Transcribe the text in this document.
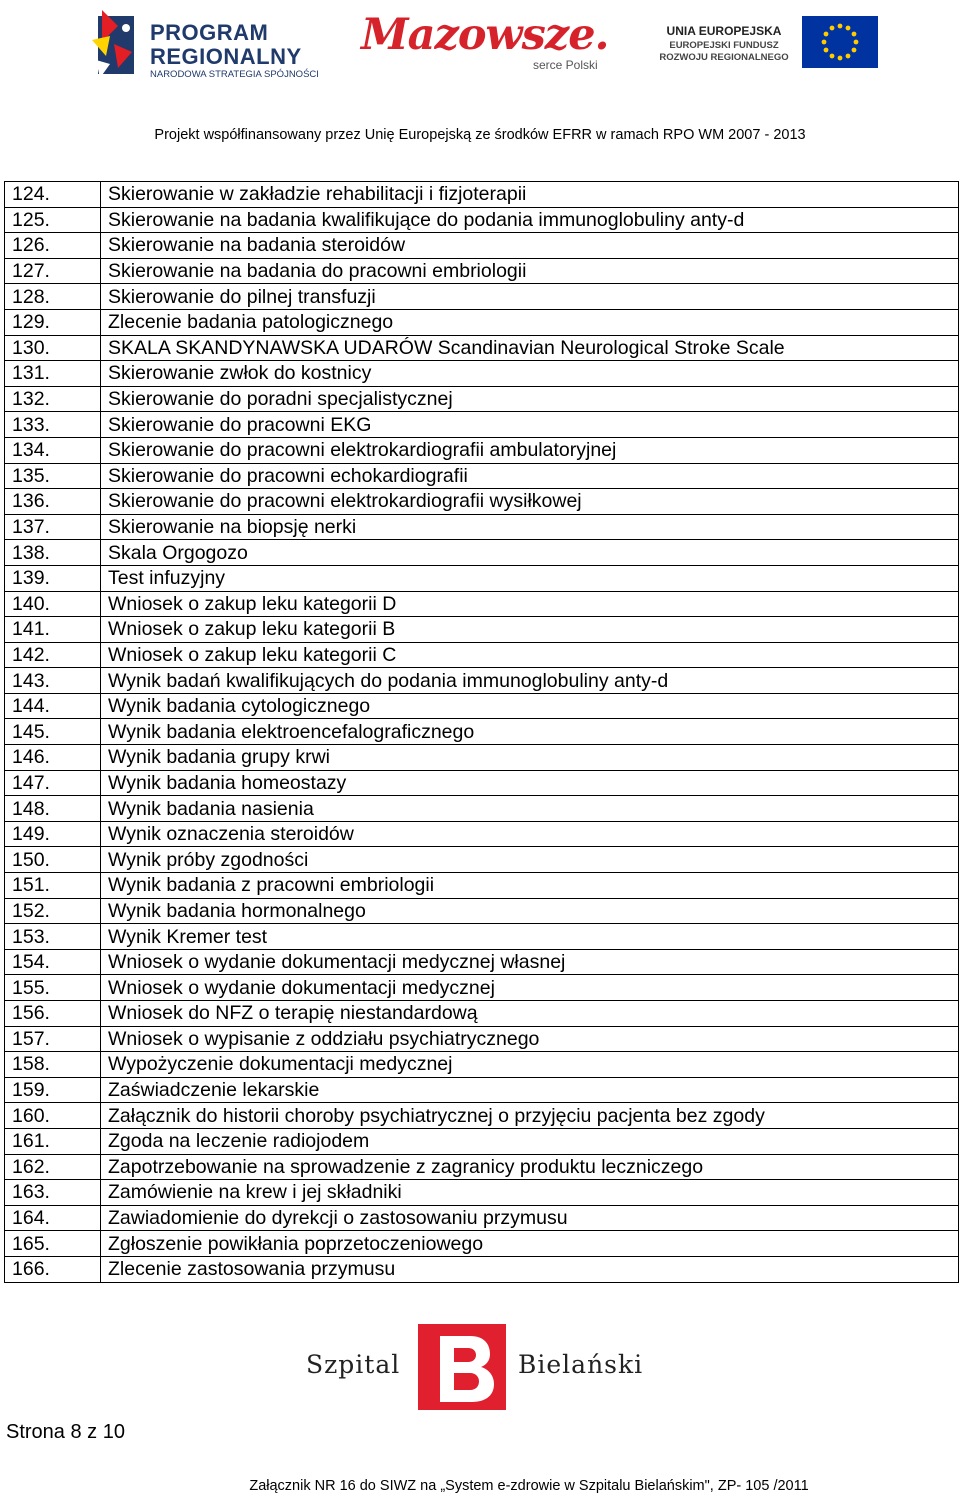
PROGRAM
REGIONALNY
NARODOWA STRATEGIA SPÓJNOŚCI
Mazowsze.
serce Polski
UNIA EUROPEJSKA
EUROPEJSKI FUNDUSZ
ROZWOJU REGIONALNEGO
Projekt współfinansowany przez Unię Europejską ze środków EFRR w ramach RPO WM 2007 - 2013
124.	Skierowanie w zakładzie rehabilitacji i fizjoterapii
125.	Skierowanie na badania kwalifikujące do podania immunoglobuliny anty-d
126.	Skierowanie na badania steroidów
127.	Skierowanie na badania do pracowni embriologii
128.	Skierowanie do pilnej transfuzji
129.	Zlecenie badania patologicznego
130.	SKALA SKANDYNAWSKA UDARÓW Scandinavian Neurological Stroke Scale
131.	Skierowanie zwłok do kostnicy
132.	Skierowanie do poradni specjalistycznej
133.	Skierowanie do pracowni EKG
134.	Skierowanie do pracowni elektrokardiografii ambulatoryjnej
135.	Skierowanie do pracowni echokardiografii
136.	Skierowanie do pracowni elektrokardiografii wysiłkowej
137.	Skierowanie na biopsję nerki
138.	Skala Orgogozo
139.	Test infuzyjny
140.	Wniosek o zakup leku kategorii D
141.	Wniosek o zakup leku kategorii B
142.	Wniosek o zakup leku kategorii C
143.	Wynik badań kwalifikujących do podania immunoglobuliny anty-d
144.	Wynik badania cytologicznego
145.	Wynik badania elektroencefalograficznego
146.	Wynik badania grupy krwi
147.	Wynik badania homeostazy
148.	Wynik badania nasienia
149.	Wynik oznaczenia steroidów
150.	Wynik próby zgodności
151.	Wynik badania z pracowni embriologii
152.	Wynik badania hormonalnego
153.	Wynik Kremer test
154.	Wniosek o wydanie dokumentacji medycznej własnej
155.	Wniosek o wydanie dokumentacji medycznej
156.	Wniosek do NFZ o terapię niestandardową
157.	Wniosek o wypisanie z oddziału psychiatrycznego
158.	Wypożyczenie dokumentacji medycznej
159.	Zaświadczenie lekarskie
160.	Załącznik do historii choroby psychiatrycznej o przyjęciu pacjenta bez zgody
161.	Zgoda na leczenie radiojodem
162.	Zapotrzebowanie na sprowadzenie z zagranicy produktu leczniczego
163.	Zamówienie na krew i jej składniki
164.	Zawiadomienie do dyrekcji o zastosowaniu przymusu
165.	Zgłoszenie powikłania poprzetoczeniowego
166.	Zlecenie zastosowania przymusu
Szpital	Bielański
Strona 8 z 10
Załącznik NR 16 do SIWZ na „System e-zdrowie w Szpitalu Bielańskim", ZP- 105 /2011
